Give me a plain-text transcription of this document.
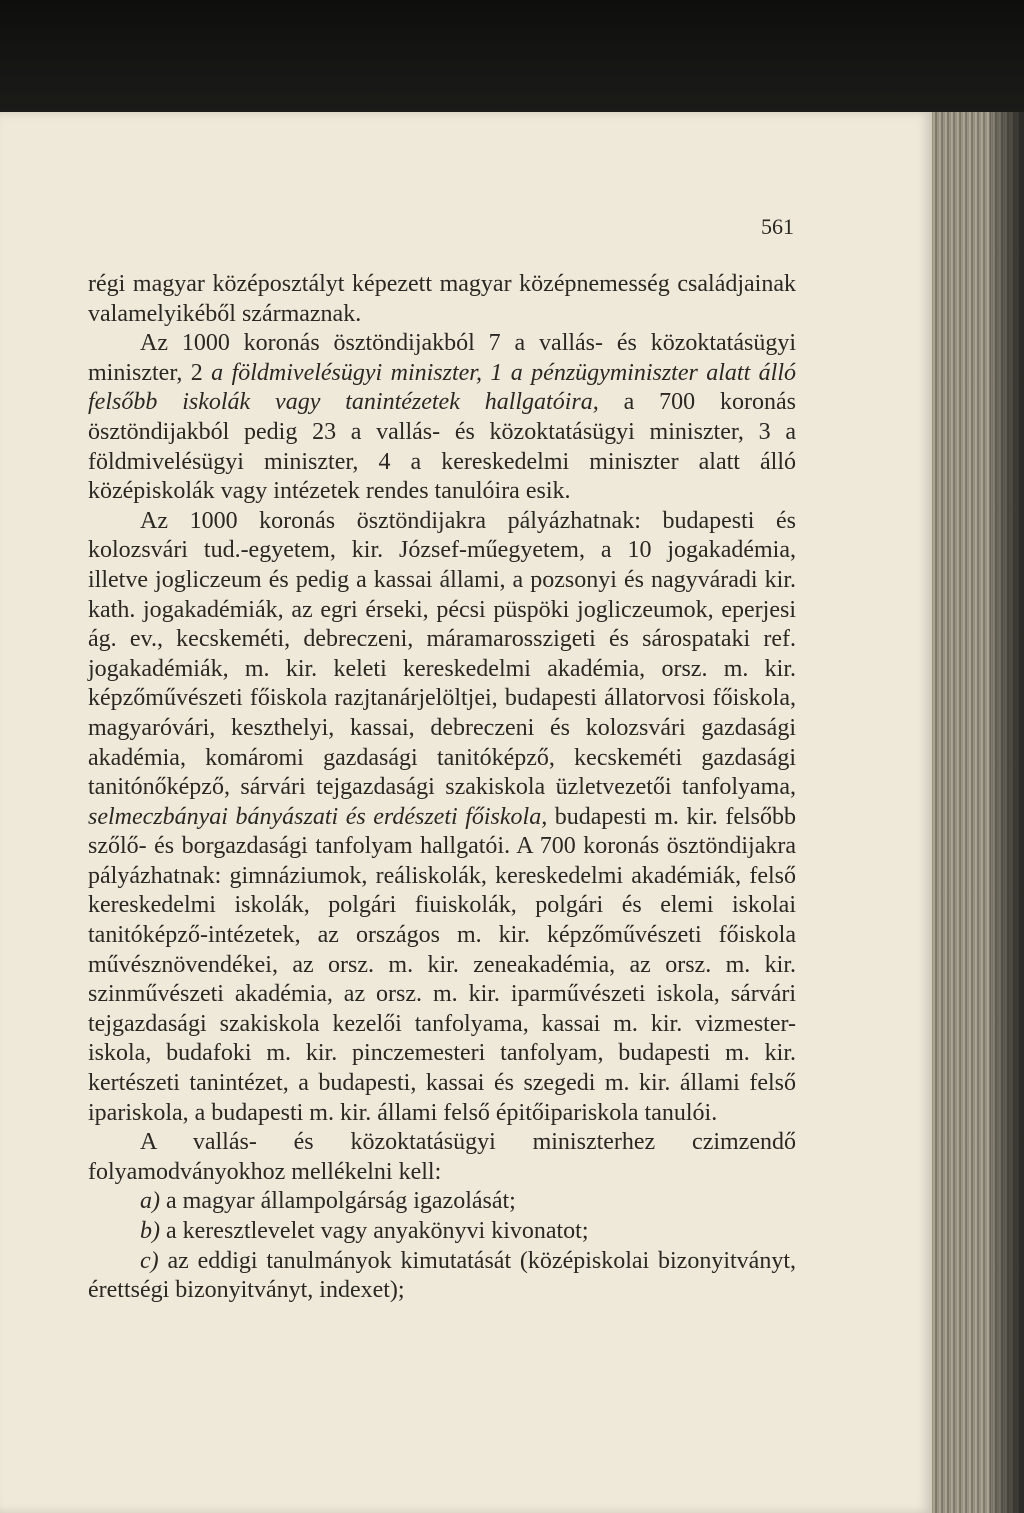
561

régi magyar középosztályt képezett magyar középnemesség családjainak valamelyikéből származnak.

Az 1000 koronás ösztöndijakból 7 a vallás- és közoktatásügyi miniszter, 2 a földmivelésügyi miniszter, 1 a pénzügyminiszter alatt álló felsőbb iskolák vagy tanintézetek hallgatóira, a 700 koronás ösztöndijakból pedig 23 a vallás- és közoktatásügyi miniszter, 3 a földmivelésügyi miniszter, 4 a kereskedelmi miniszter alatt álló középiskolák vagy intézetek rendes tanulóira esik.

Az 1000 koronás ösztöndijakra pályázhatnak: budapesti és kolozsvári tud.-egyetem, kir. József-műegyetem, a 10 jogakadémia, illetve jogliczeum és pedig a kassai állami, a pozsonyi és nagyváradi kir. kath. jogakadémiák, az egri érseki, pécsi püspöki jogliczeumok, eperjesi ág. ev., kecskeméti, debreczeni, máramarosszigeti és sárospataki ref. jogakadémiák, m. kir. keleti kereskedelmi akadémia, orsz. m. kir. képzőművészeti főiskola razjtanárjelöltjei, budapesti állatorvosi főiskola, magyaróvári, keszthelyi, kassai, debreczeni és kolozsvári gazdasági akadémia, komáromi gazdasági tanitóképző, kecskeméti gazdasági tanitónőképző, sárvári tejgazdasági szakiskola üzletvezetői tanfolyama, selmeczbányai bányászati és erdészeti főiskola, budapesti m. kir. felsőbb szőlő- és borgazdasági tanfolyam hallgatói. A 700 koronás ösztöndijakra pályázhatnak: gimnáziumok, reáliskolák, kereskedelmi akadémiák, felső kereskedelmi iskolák, polgári fiuiskolák, polgári és elemi iskolai tanitóképző-intézetek, az országos m. kir. képzőművészeti főiskola művésznövendékei, az orsz. m. kir. zeneakadémia, az orsz. m. kir. szinművészeti akadémia, az orsz. m. kir. iparművészeti iskola, sárvári tejgazdasági szakiskola kezelői tanfolyama, kassai m. kir. vizmester-iskola, budafoki m. kir. pinczemesteri tanfolyam, budapesti m. kir. kertészeti tanintézet, a budapesti, kassai és szegedi m. kir. állami felső ipariskola, a budapesti m. kir. állami felső épitőipariskola tanulói.

A vallás- és közoktatásügyi miniszterhez czimzendő folyamodványokhoz mellékelni kell:

a) a magyar állampolgárság igazolását;

b) a keresztlevelet vagy anyakönyvi kivonatot;

c) az eddigi tanulmányok kimutatását (középiskolai bizonyitványt, érettségi bizonyitványt, indexet);
